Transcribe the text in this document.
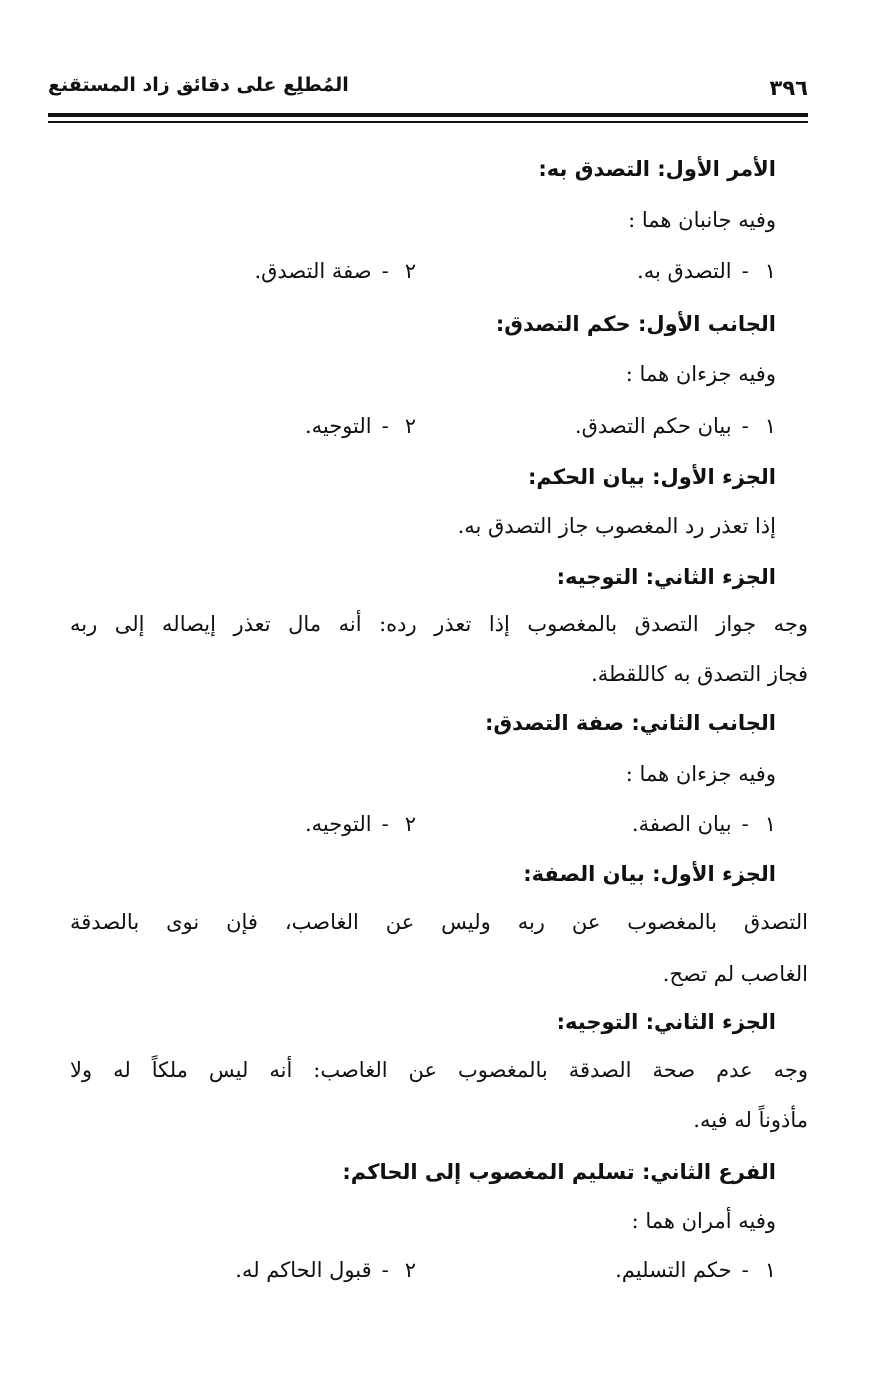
٣٩٦
المُطلِع على دقائق زاد المستقنع
الأمر الأول: التصدق به:
وفيه جانبان هما :
١-التصدق به.
٢-صفة التصدق.
الجانب الأول: حكم التصدق:
وفيه جزءان هما :
١-بيان حكم التصدق.
٢-التوجيه.
الجزء الأول: بيان الحكم:
إذا تعذر رد المغصوب جاز التصدق به.
الجزء الثاني: التوجيه:
وجه جواز التصدق بالمغصوب إذا تعذر رده: أنه مال تعذر إيصاله إلى ربه
فجاز التصدق به كاللقطة.
الجانب الثاني: صفة التصدق:
وفيه جزءان هما :
١-بيان الصفة.
٢-التوجيه.
الجزء الأول: بيان الصفة:
التصدق بالمغصوب عن ربه وليس عن الغاصب، فإن نوى بالصدقة
الغاصب لم تصح.
الجزء الثاني: التوجيه:
وجه عدم صحة الصدقة بالمغصوب عن الغاصب: أنه ليس ملكاً له ولا
مأذوناً له فيه.
الفرع الثاني: تسليم المغصوب إلى الحاكم:
وفيه أمران هما :
١-حكم التسليم.
٢-قبول الحاكم له.
